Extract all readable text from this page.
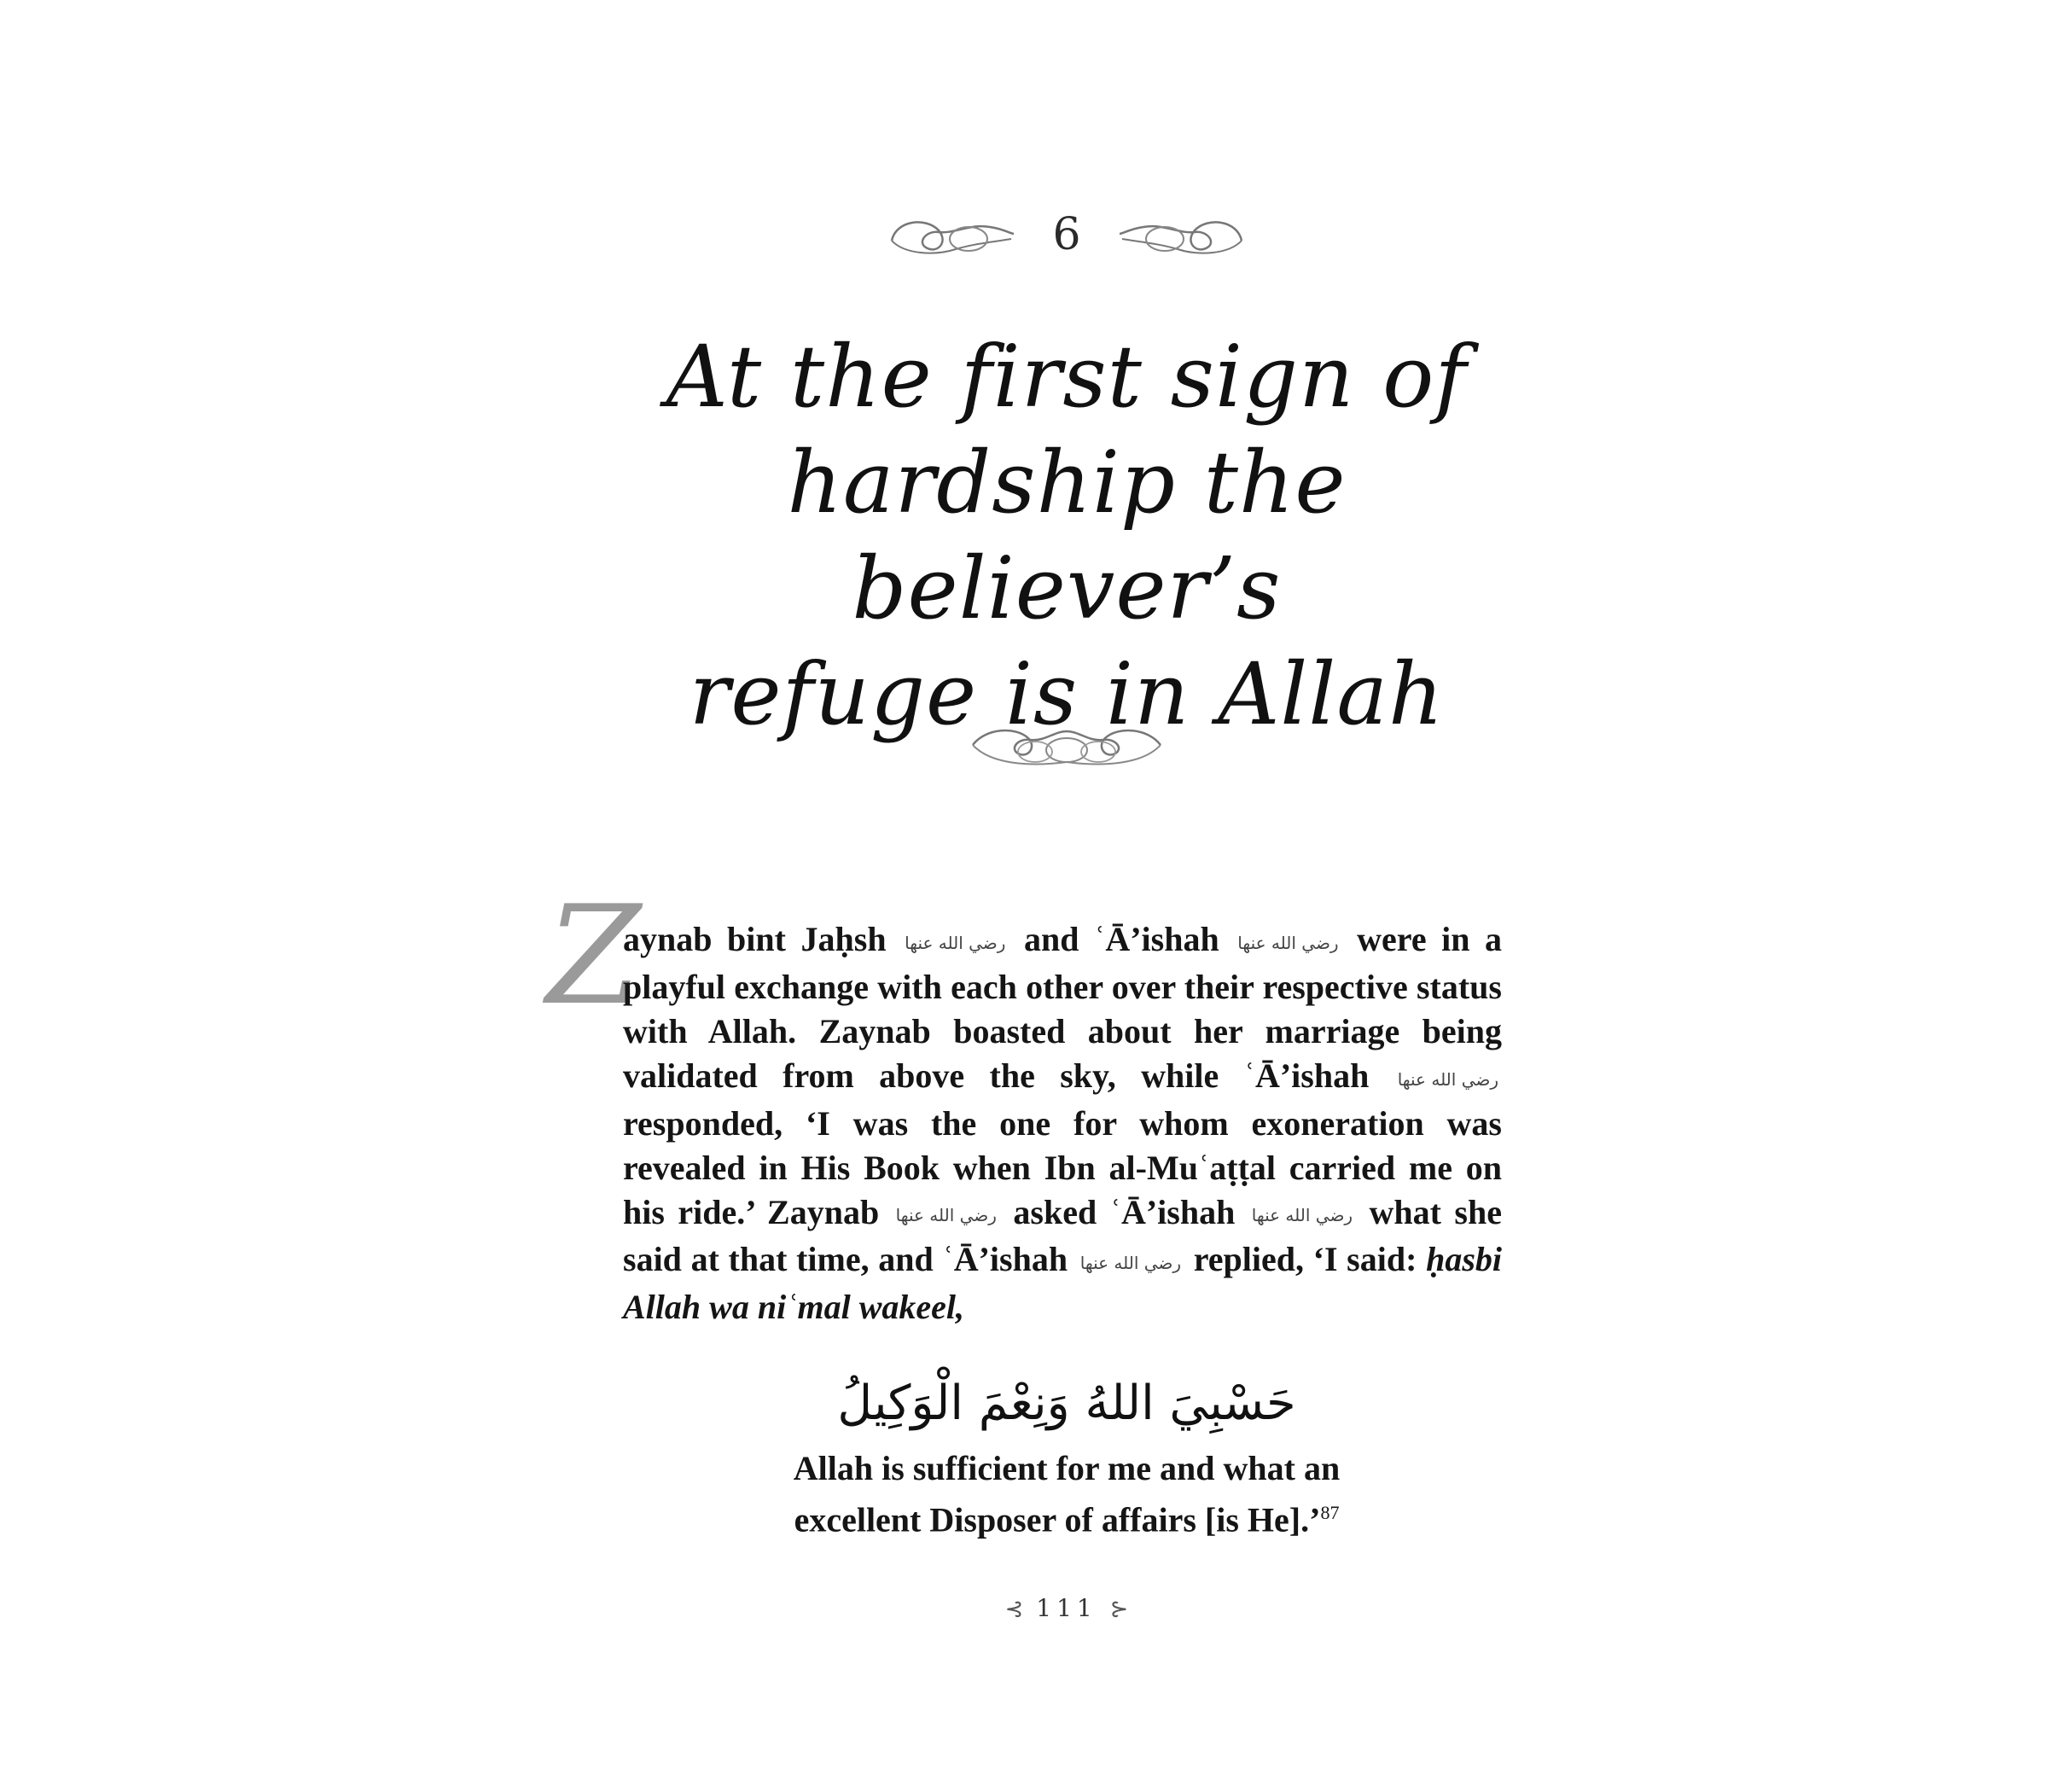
6
At the first sign of
hardship the believer’s
refuge is in Allah
Z
aynab bint Jaḥsh رضي الله عنها and ʿĀ’ishah رضي الله عنها were in a playful exchange with each other over their respective status with Allah. Zaynab boasted about her marriage being validated from above the sky, while ʿĀ’ishah رضي الله عنها responded, ‘I was the one for whom exoneration was revealed in His Book when Ibn al-Muʿaṭṭal carried me on his ride.’ Zaynab رضي الله عنها asked ʿĀ’ishah رضي الله عنها what she said at that time, and ʿĀ’ishah رضي الله عنها replied, ‘I said: ḥasbi Allah wa niʿmal wakeel,
حَسْبِيَ اللهُ وَنِعْمَ الْوَكِيلُ
Allah is sufficient for me and what an
excellent Disposer of affairs [is He].’$^{87}$
⊰ 111 ⊱
